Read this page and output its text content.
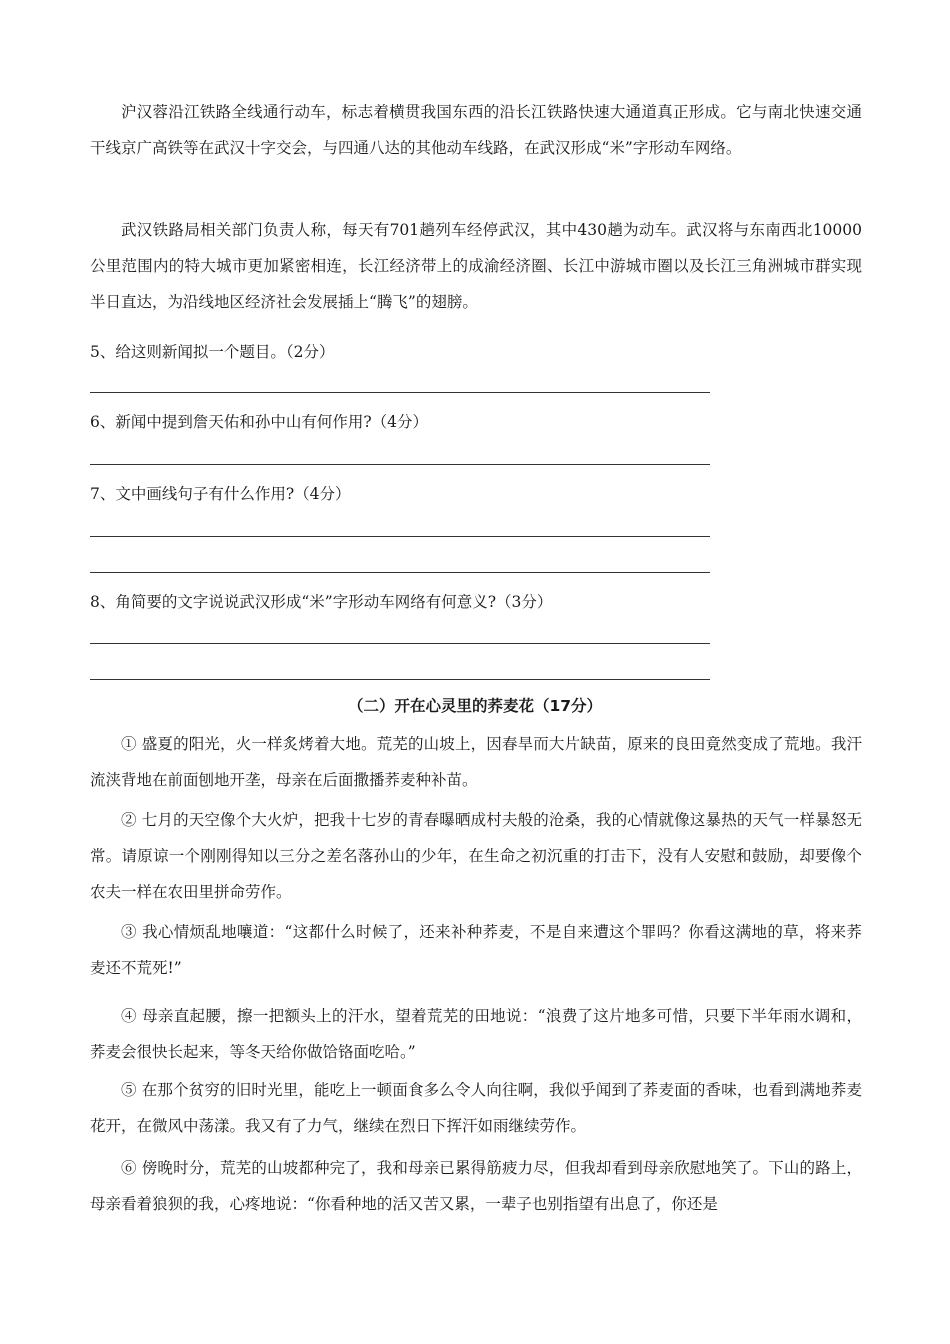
沪汉蓉沿江铁路全线通行动车，标志着横贯我国东西的沿长江铁路快速大通道真正形成。它与南北快速交通干线京广高铁等在武汉十字交会，与四通八达的其他动车线路，在武汉形成“米”字形动车网络。

武汉铁路局相关部门负责人称，每天有701趟列车经停武汉，其中430趟为动车。武汉将与东南西北10000公里范围内的特大城市更加紧密相连，长江经济带上的成渝经济圈、长江中游城市圈以及长江三角洲城市群实现半日直达，为沿线地区经济社会发展插上“腾飞”的翅膀。

5、给这则新闻拟一个题目。（2分）

6、新闻中提到詹天佑和孙中山有何作用?（4分）

7、文中画线句子有什么作用?（4分）

8、角简要的文字说说武汉形成“米”字形动车网络有何意义?（3分）

（二）开在心灵里的荞麦花（17分）

① 盛夏的阳光，火一样炙烤着大地。荒芜的山坡上，因春旱而大片缺苗，原来的良田竟然变成了荒地。我汗流浃背地在前面刨地开垄，母亲在后面撒播荞麦种补苗。

② 七月的天空像个大火炉，把我十七岁的青春曝晒成村夫般的沧桑，我的心情就像这暴热的天气一样暴怒无常。请原谅一个刚刚得知以三分之差名落孙山的少年，在生命之初沉重的打击下，没有人安慰和鼓励，却要像个农夫一样在农田里拼命劳作。

③ 我心情烦乱地嚷道：“这都什么时候了，还来补种荞麦，不是自来遭这个罪吗？你看这满地的草，将来荞麦还不荒死!”

④ 母亲直起腰，擦一把额头上的汗水，望着荒芜的田地说：“浪费了这片地多可惜，只要下半年雨水调和，荞麦会很快长起来，等冬天给你做饸铬面吃哈。”

⑤ 在那个贫穷的旧时光里，能吃上一顿面食多么令人向往啊，我似乎闻到了荞麦面的香味，也看到满地荞麦花开，在微风中荡漾。我又有了力气，继续在烈日下挥汗如雨继续劳作。

⑥ 傍晚时分，荒芜的山坡都种完了，我和母亲已累得筋疲力尽，但我却看到母亲欣慰地笑了。下山的路上，母亲看着狼狈的我，心疼地说：“你看种地的活又苦又累，一辈子也别指望有出息了，你还是
